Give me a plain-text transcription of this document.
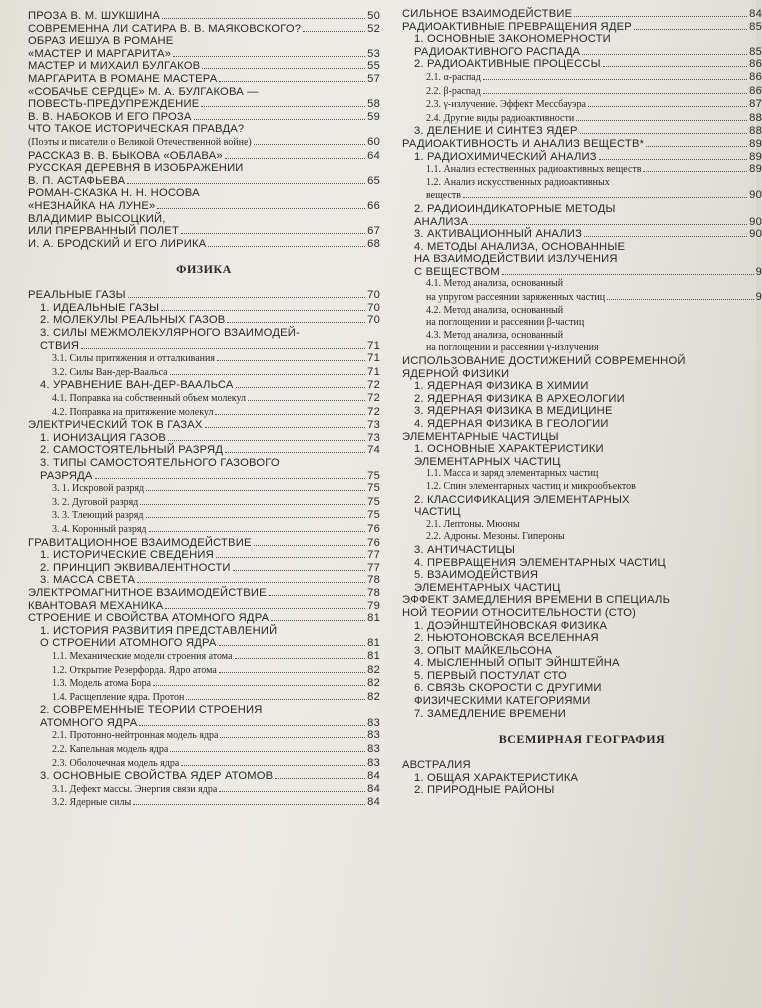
ПРОЗА В. М. ШУКШИНА	50
СОВРЕМЕННА ЛИ САТИРА В. В. МАЯКОВСКОГО?	52
ОБРАЗ ИЕШУА В РОМАНЕ
«МАСТЕР И МАРГАРИТА»	53
МАСТЕР И МИХАИЛ БУЛГАКОВ	55
МАРГАРИТА В РОМАНЕ МАСТЕРА	57
«СОБАЧЬЕ СЕРДЦЕ» М. А. БУЛГАКОВА —
ПОВЕСТЬ-ПРЕДУПРЕЖДЕНИЕ	58
В. В. НАБОКОВ И ЕГО ПРОЗА	59
ЧТО ТАКОЕ ИСТОРИЧЕСКАЯ ПРАВДА?
(Поэты и писатели о Великой Отечественной войне)	60
РАССКАЗ В. В. БЫКОВА «ОБЛАВА»	64
РУССКАЯ ДЕРЕВНЯ В ИЗОБРАЖЕНИИ
В. П. АСТАФЬЕВА	65
РОМАН-СКАЗКА Н. Н. НОСОВА
«НЕЗНАЙКА НА ЛУНЕ»	66
ВЛАДИМИР ВЫСОЦКИЙ,
ИЛИ ПРЕРВАННЫЙ ПОЛЕТ	67
И. А. БРОДСКИЙ И ЕГО ЛИРИКА	68
ФИЗИКА
РЕАЛЬНЫЕ ГАЗЫ	70
1. ИДЕАЛЬНЫЕ ГАЗЫ	70
2. МОЛЕКУЛЫ РЕАЛЬНЫХ ГАЗОВ	70
3. СИЛЫ МЕЖМОЛЕКУЛЯРНОГО ВЗАИМОДЕЙ-
СТВИЯ	71
3.1. Силы притяжения и отталкивания	71
3.2. Силы Ван-дер-Ваальса	71
4. УРАВНЕНИЕ ВАН-ДЕР-ВААЛЬСА	72
4.1. Поправка на собственный объем молекул	72
4.2. Поправка на притяжение молекул	72
ЭЛЕКТРИЧЕСКИЙ ТОК В ГАЗАХ	73
1. ИОНИЗАЦИЯ ГАЗОВ	73
2. САМОСТОЯТЕЛЬНЫЙ РАЗРЯД	74
3. ТИПЫ САМОСТОЯТЕЛЬНОГО ГАЗОВОГО
РАЗРЯДА	75
3. 1. Искровой разряд	75
3. 2. Дуговой разряд	75
3. 3. Тлеющий разряд	75
3. 4. Коронный разряд	76
ГРАВИТАЦИОННОЕ ВЗАИМОДЕЙСТВИЕ	76
1. ИСТОРИЧЕСКИЕ СВЕДЕНИЯ	77
2. ПРИНЦИП ЭКВИВАЛЕНТНОСТИ	77
3. МАССА СВЕТА	78
ЭЛЕКТРОМАГНИТНОЕ ВЗАИМОДЕЙСТВИЕ	78
КВАНТОВАЯ МЕХАНИКА	79
СТРОЕНИЕ И СВОЙСТВА АТОМНОГО ЯДРА	81
1. ИСТОРИЯ РАЗВИТИЯ ПРЕДСТАВЛЕНИЙ
О СТРОЕНИИ АТОМНОГО ЯДРА	81
1.1. Механические модели строения атома	81
1.2. Открытие Резерфорда. Ядро атома	82
1.3. Модель атома Бора	82
1.4. Расщепление ядра. Протон	82
2. СОВРЕМЕННЫЕ ТЕОРИИ СТРОЕНИЯ
АТОМНОГО ЯДРА	83
2.1. Протонно-нейтронная модель ядра	83
2.2. Капельная модель ядра	83
2.3. Оболочечная модель ядра	83
3. ОСНОВНЫЕ СВОЙСТВА ЯДЕР АТОМОВ	84
3.1. Дефект массы. Энергия связи ядра	84
3.2. Ядерные силы	84
СИЛЬНОЕ ВЗАИМОДЕЙСТВИЕ	84
РАДИОАКТИВНЫЕ ПРЕВРАЩЕНИЯ ЯДЕР	85
1. ОСНОВНЫЕ ЗАКОНОМЕРНОСТИ
РАДИОАКТИВНОГО РАСПАДА	85
2. РАДИОАКТИВНЫЕ ПРОЦЕССЫ	86
2.1. α-распад	86
2.2. β-распад	86
2.3. γ-излучение. Эффект Мессбауэра	87
2.4. Другие виды радиоактивности	88
3. ДЕЛЕНИЕ И СИНТЕЗ ЯДЕР	88
РАДИОАКТИВНОСТЬ И АНАЛИЗ ВЕЩЕСТВ*	89
1. РАДИОХИМИЧЕСКИЙ АНАЛИЗ	89
1.1. Анализ естественных радиоактивных веществ	89
1.2. Анализ искусственных радиоактивных
веществ	90
2. РАДИОИНДИКАТОРНЫЕ МЕТОДЫ
АНАЛИЗА	90
3. АКТИВАЦИОННЫЙ АНАЛИЗ	90
4. МЕТОДЫ АНАЛИЗА, ОСНОВАННЫЕ
НА ВЗАИМОДЕЙСТВИИ ИЗЛУЧЕНИЯ
С ВЕЩЕСТВОМ	9
4.1. Метод анализа, основанный
на упругом рассеянии заряженных частиц	9
4.2. Метод анализа, основанный
на поглощении и рассеянии β-частиц
4.3. Метод анализа, основанный
на поглощении и рассеянии γ-излучения
ИСПОЛЬЗОВАНИЕ ДОСТИЖЕНИЙ СОВРЕМЕННОЙ
ЯДЕРНОЙ ФИЗИКИ
1. ЯДЕРНАЯ ФИЗИКА В ХИМИИ
2. ЯДЕРНАЯ ФИЗИКА В АРХЕОЛОГИИ
3. ЯДЕРНАЯ ФИЗИКА В МЕДИЦИНЕ
4. ЯДЕРНАЯ ФИЗИКА В ГЕОЛОГИИ
ЭЛЕМЕНТАРНЫЕ ЧАСТИЦЫ
1. ОСНОВНЫЕ ХАРАКТЕРИСТИКИ
ЭЛЕМЕНТАРНЫХ ЧАСТИЦ
1.1. Масса и заряд элементарных частиц
1.2. Спин элементарных частиц и микрообъектов
2. КЛАССИФИКАЦИЯ ЭЛЕМЕНТАРНЫХ
ЧАСТИЦ
2.1. Лептоны. Мюоны
2.2. Адроны. Мезоны. Гипероны
3. АНТИЧАСТИЦЫ
4. ПРЕВРАЩЕНИЯ ЭЛЕМЕНТАРНЫХ ЧАСТИЦ
5. ВЗАИМОДЕЙСТВИЯ
ЭЛЕМЕНТАРНЫХ ЧАСТИЦ
ЭФФЕКТ ЗАМЕДЛЕНИЯ ВРЕМЕНИ В СПЕЦИАЛЬ
НОЙ ТЕОРИИ ОТНОСИТЕЛЬНОСТИ (СТО)
1. ДОЭЙНШТЕЙНОВСКАЯ ФИЗИКА
2. НЬЮТОНОВСКАЯ ВСЕЛЕННАЯ
3. ОПЫТ МАЙКЕЛЬСОНА
4. МЫСЛЕННЫЙ ОПЫТ ЭЙНШТЕЙНА
5. ПЕРВЫЙ ПОСТУЛАТ СТО
6. СВЯЗЬ СКОРОСТИ С ДРУГИМИ
ФИЗИЧЕСКИМИ КАТЕГОРИЯМИ
7. ЗАМЕДЛЕНИЕ ВРЕМЕНИ
ВСЕМИРНАЯ ГЕОГРАФИЯ
АВСТРАЛИЯ
1. ОБЩАЯ ХАРАКТЕРИСТИКА
2. ПРИРОДНЫЕ РАЙОНЫ
